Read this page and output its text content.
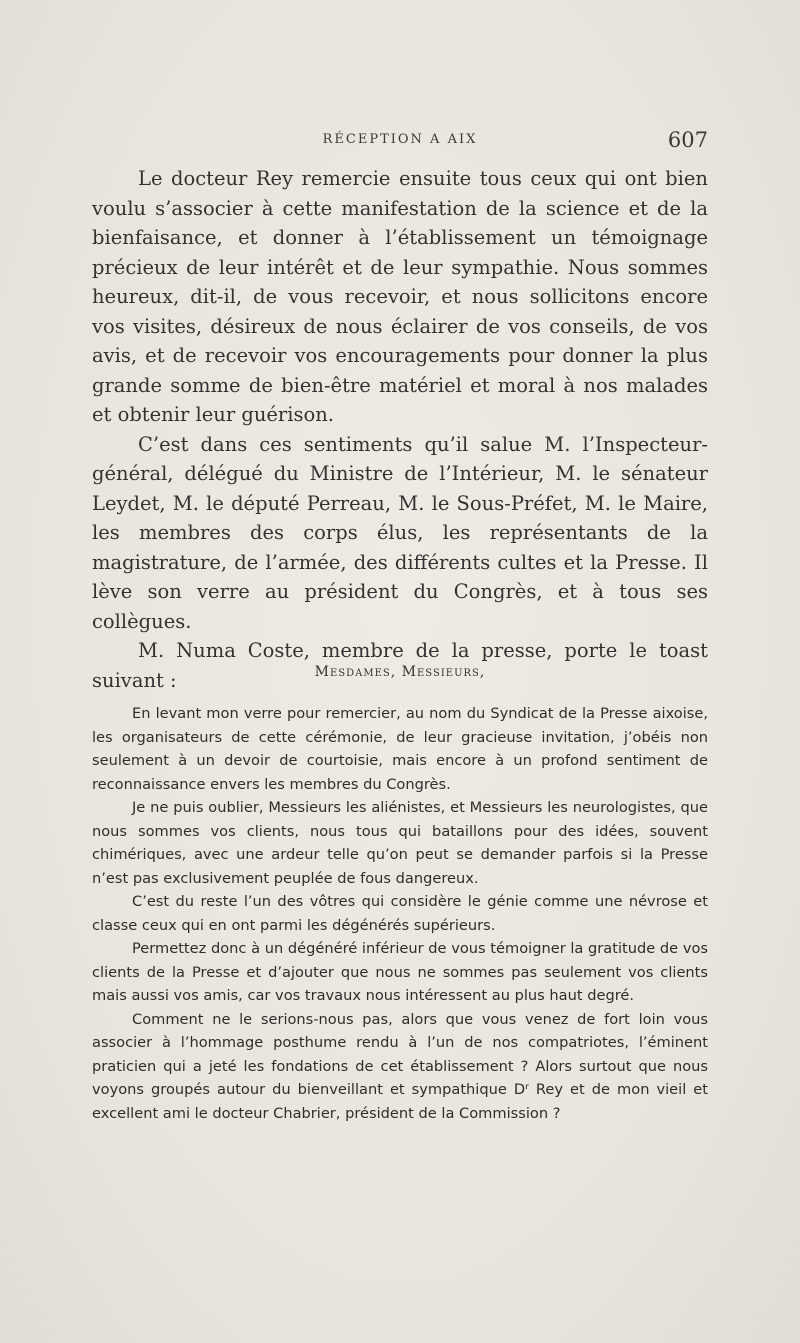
RÉCEPTION A AIX	607

Le docteur Rey remercie ensuite tous ceux qui ont bien voulu s’associer à cette manifestation de la science et de la bienfaisance, et donner à l’établissement un témoignage précieux de leur intérêt et de leur sympathie. Nous sommes heureux, dit-il, de vous recevoir, et nous sollicitons encore vos visites, désireux de nous éclairer de vos conseils, de vos avis, et de recevoir vos encouragements pour donner la plus grande somme de bien-être matériel et moral à nos malades et obtenir leur guérison.

C’est dans ces sentiments qu’il salue M. l’Inspecteur-général, délégué du Ministre de l’Intérieur, M. le sénateur Leydet, M. le député Perreau, M. le Sous-Préfet, M. le Maire, les membres des corps élus, les représentants de la magistrature, de l’armée, des différents cultes et la Presse. Il lève son verre au président du Congrès, et à tous ses collègues.

M. Numa Coste, membre de la presse, porte le toast suivant :	Mesdames, Messieurs,

En levant mon verre pour remercier, au nom du Syndicat de la Presse aixoise, les organisateurs de cette cérémonie, de leur gracieuse invitation, j’obéis non seulement à un devoir de courtoisie, mais encore à un profond sentiment de reconnaissance envers les membres du Congrès.

Je ne puis oublier, Messieurs les aliénistes, et Messieurs les neurologistes, que nous sommes vos clients, nous tous qui bataillons pour des idées, souvent chimériques, avec une ardeur telle qu’on peut se demander parfois si la Presse n’est pas exclusivement peuplée de fous dangereux.

C’est du reste l’un des vôtres qui considère le génie comme une névrose et classe ceux qui en ont parmi les dégénérés supérieurs.

Permettez donc à un dégénéré inférieur de vous témoigner la gratitude de vos clients de la Presse et d’ajouter que nous ne sommes pas seulement vos clients mais aussi vos amis, car vos travaux nous intéressent au plus haut degré.

Comment ne le serions-nous pas, alors que vous venez de fort loin vous associer à l’hommage posthume rendu à l’un de nos compatriotes, l’éminent praticien qui a jeté les fondations de cet établissement ? Alors surtout que nous voyons groupés autour du bienveillant et sympathique Dʳ Rey et de mon vieil et excellent ami le docteur Chabrier, président de la Commission ?
